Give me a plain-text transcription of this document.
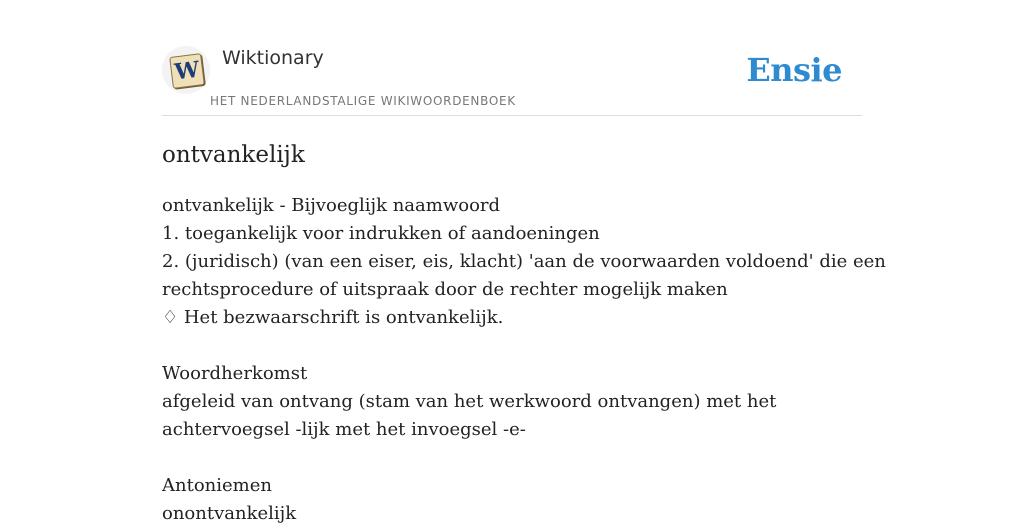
W Wiktionary
HET NEDERLANDSTALIGE WIKIWOORDENBOEK
Ensie
ontvankelijk
ontvankelijk - Bijvoeglijk naamwoord
1. toegankelijk voor indrukken of aandoeningen
2. (juridisch) (van een eiser, eis, klacht) 'aan de voorwaarden voldoend' die een
rechtsprocedure of uitspraak door de rechter mogelijk maken
♢ Het bezwaarschrift is ontvankelijk.
Woordherkomst
afgeleid van ontvang (stam van het werkwoord ontvangen) met het
achtervoegsel -lijk met het invoegsel -e-
Antoniemen
onontvankelijk
